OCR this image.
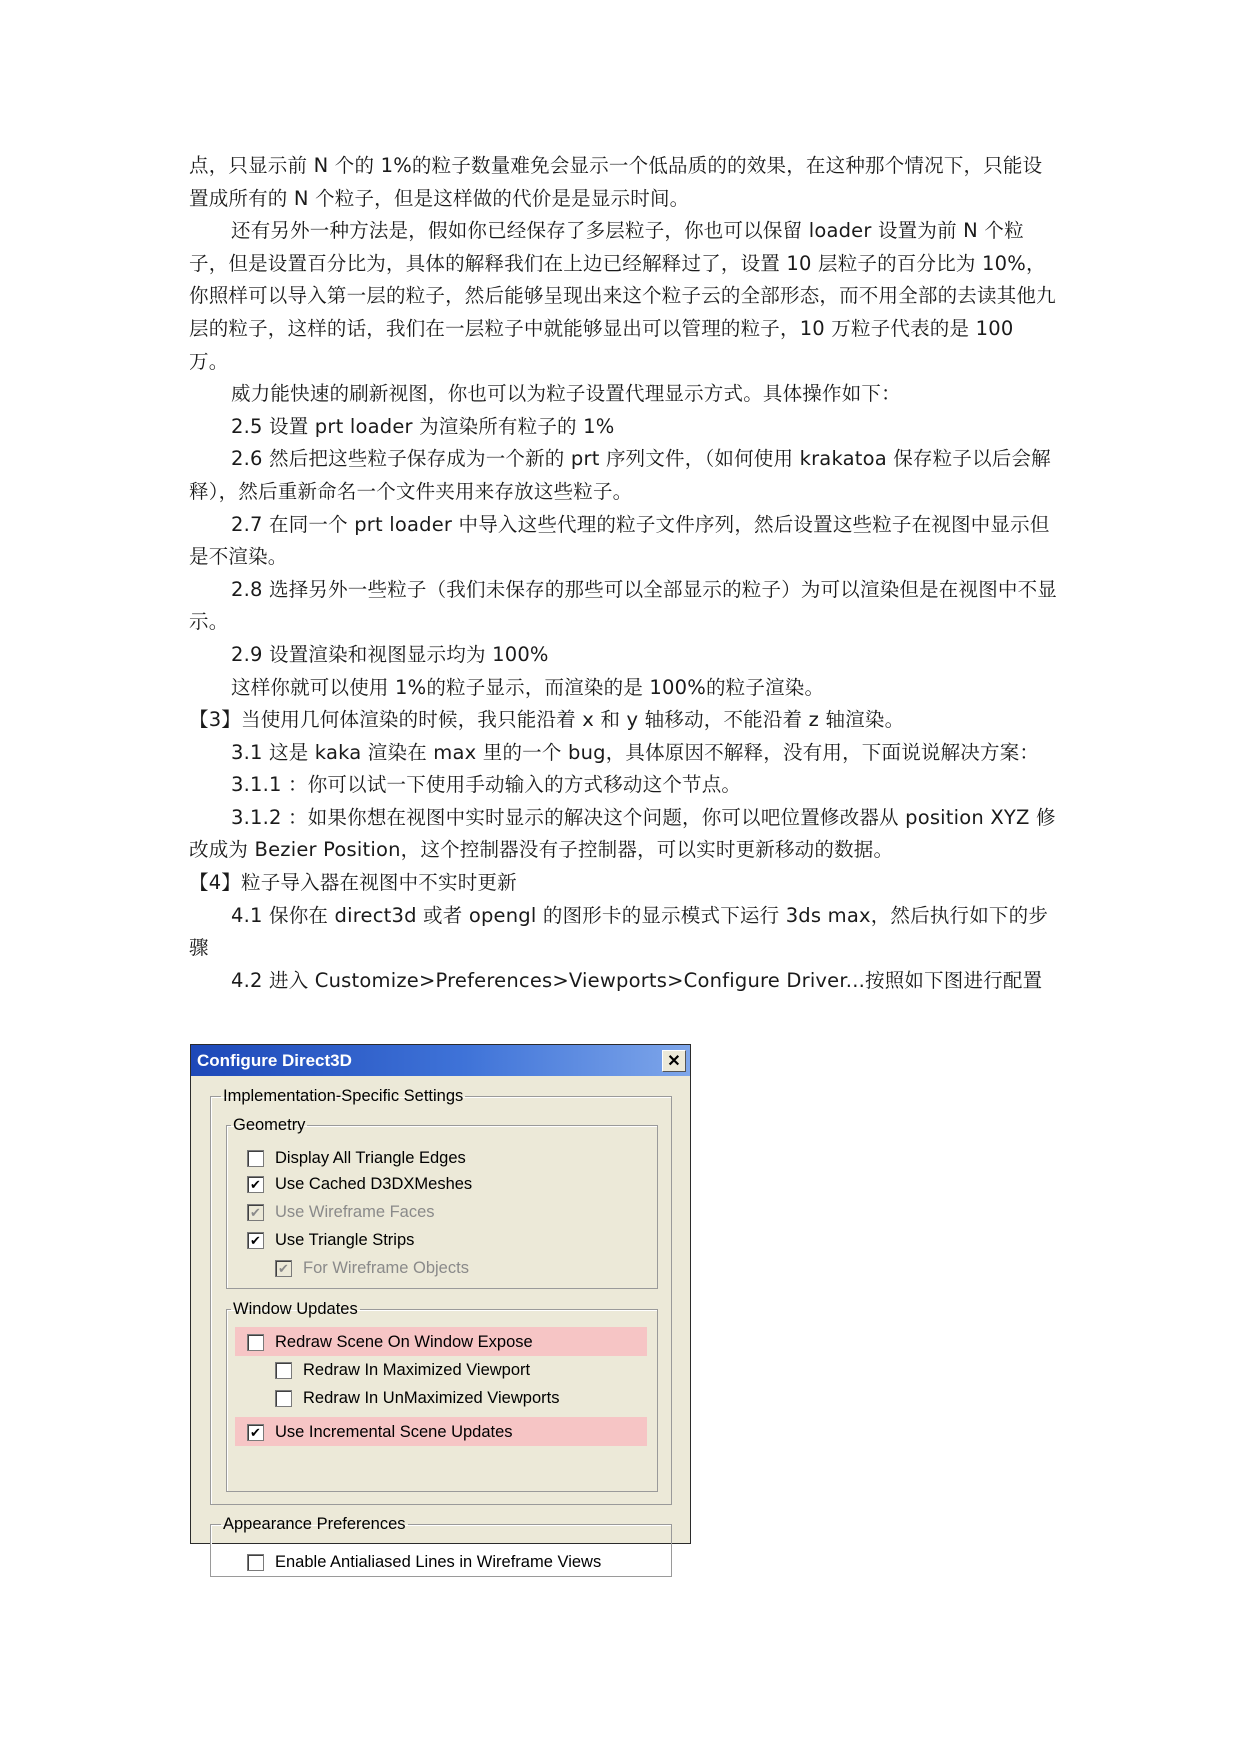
点，只显示前 N 个的 1%的粒子数量难免会显示一个低品质的的效果，在这种那个情况下，只能设置成所有的 N 个粒子，但是这样做的代价是是显示时间。

还有另外一种方法是，假如你已经保存了多层粒子，你也可以保留 loader 设置为前 N 个粒子，但是设置百分比为，具体的解释我们在上边已经解释过了，设置 10 层粒子的百分比为 10%，你照样可以导入第一层的粒子，然后能够呈现出来这个粒子云的全部形态，而不用全部的去读其他九层的粒子，这样的话，我们在一层粒子中就能够显出可以管理的粒子，10 万粒子代表的是 100 万。

威力能快速的刷新视图，你也可以为粒子设置代理显示方式。具体操作如下：

2.5 设置 prt loader 为渲染所有粒子的 1%

2.6 然后把这些粒子保存成为一个新的 prt 序列文件，（如何使用 krakatoa 保存粒子以后会解释），然后重新命名一个文件夹用来存放这些粒子。

2.7 在同一个 prt loader 中导入这些代理的粒子文件序列，然后设置这些粒子在视图中显示但是不渲染。

2.8 选择另外一些粒子（我们未保存的那些可以全部显示的粒子）为可以渲染但是在视图中不显示。

2.9 设置渲染和视图显示均为 100%

这样你就可以使用 1%的粒子显示，而渲染的是 100%的粒子渲染。

【3】当使用几何体渲染的时候，我只能沿着 x 和 y 轴移动，不能沿着 z 轴渲染。

3.1 这是 kaka 渲染在 max 里的一个 bug，具体原因不解释，没有用，下面说说解决方案：

3.1.1 ：你可以试一下使用手动输入的方式移动这个节点。

3.1.2 ：如果你想在视图中实时显示的解决这个问题，你可以吧位置修改器从 position XYZ 修改成为 Bezier Position，这个控制器没有子控制器，可以实时更新移动的数据。

【4】粒子导入器在视图中不实时更新

4.1 保你在 direct3d 或者 opengl 的图形卡的显示模式下运行 3ds max，然后执行如下的步骤

4.2 进入 Customize>Preferences>Viewports>Configure Driver...按照如下图进行配置

Configure Direct3D	✕
Implementation-Specific Settings
Geometry
Display All Triangle Edges
✔
Use Cached D3DXMeshes
✔
Use Wireframe Faces
✔
Use Triangle Strips
✔
For Wireframe Objects
Window Updates
Redraw Scene On Window Expose
Redraw In Maximized Viewport
Redraw In UnMaximized Viewports
✔
Use Incremental Scene Updates
Appearance Preferences
Enable Antialiased Lines in Wireframe Views
